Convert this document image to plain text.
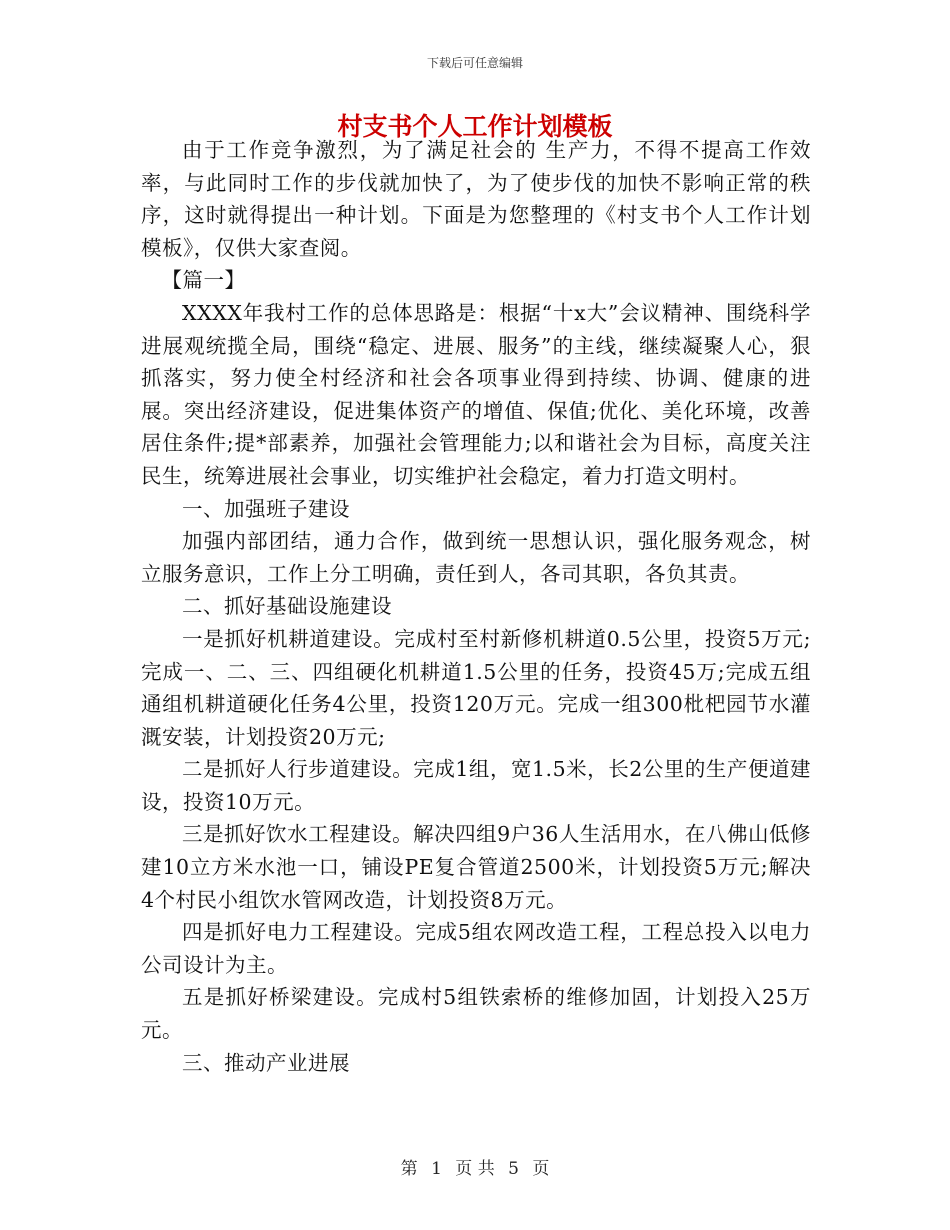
下载后可任意编辑
村支书个人工作计划模板

由于工作竞争激烈，为了满足社会的 生产力，不得不提高工作效率，与此同时工作的步伐就加快了，为了使步伐的加快不影响正常的秩序，这时就得提出一种计划。下面是为您整理的《村支书个人工作计划模板》，仅供大家查阅。

【篇一】

XXXX年我村工作的总体思路是：根据“十x大”会议精神、围绕科学进展观统揽全局，围绕“稳定、进展、服务”的主线，继续凝聚人心，狠抓落实，努力使全村经济和社会各项事业得到持续、协调、健康的进展。突出经济建设，促进集体资产的增值、保值;优化、美化环境，改善居住条件;提*部素养，加强社会管理能力;以和谐社会为目标，高度关注民生，统筹进展社会事业，切实维护社会稳定，着力打造文明村。

一、加强班子建设

加强内部团结，通力合作，做到统一思想认识，强化服务观念，树立服务意识，工作上分工明确，责任到人，各司其职，各负其责。

二、抓好基础设施建设

一是抓好机耕道建设。完成村至村新修机耕道0.5公里，投资5万元;完成一、二、三、四组硬化机耕道1.5公里的任务，投资45万;完成五组通组机耕道硬化任务4公里，投资120万元。完成一组300枇杷园节水灌溉安装，计划投资20万元;

二是抓好人行步道建设。完成1组，宽1.5米，长2公里的生产便道建设，投资10万元。

三是抓好饮水工程建设。解决四组9户36人生活用水，在八佛山低修建10立方米水池一口，铺设PE复合管道2500米，计划投资5万元;解决4个村民小组饮水管网改造，计划投资8万元。

四是抓好电力工程建设。完成5组农网改造工程，工程总投入以电力公司设计为主。

五是抓好桥梁建设。完成村5组铁索桥的维修加固，计划投入25万元。

三、推动产业进展

第 1 页 共 5 页
